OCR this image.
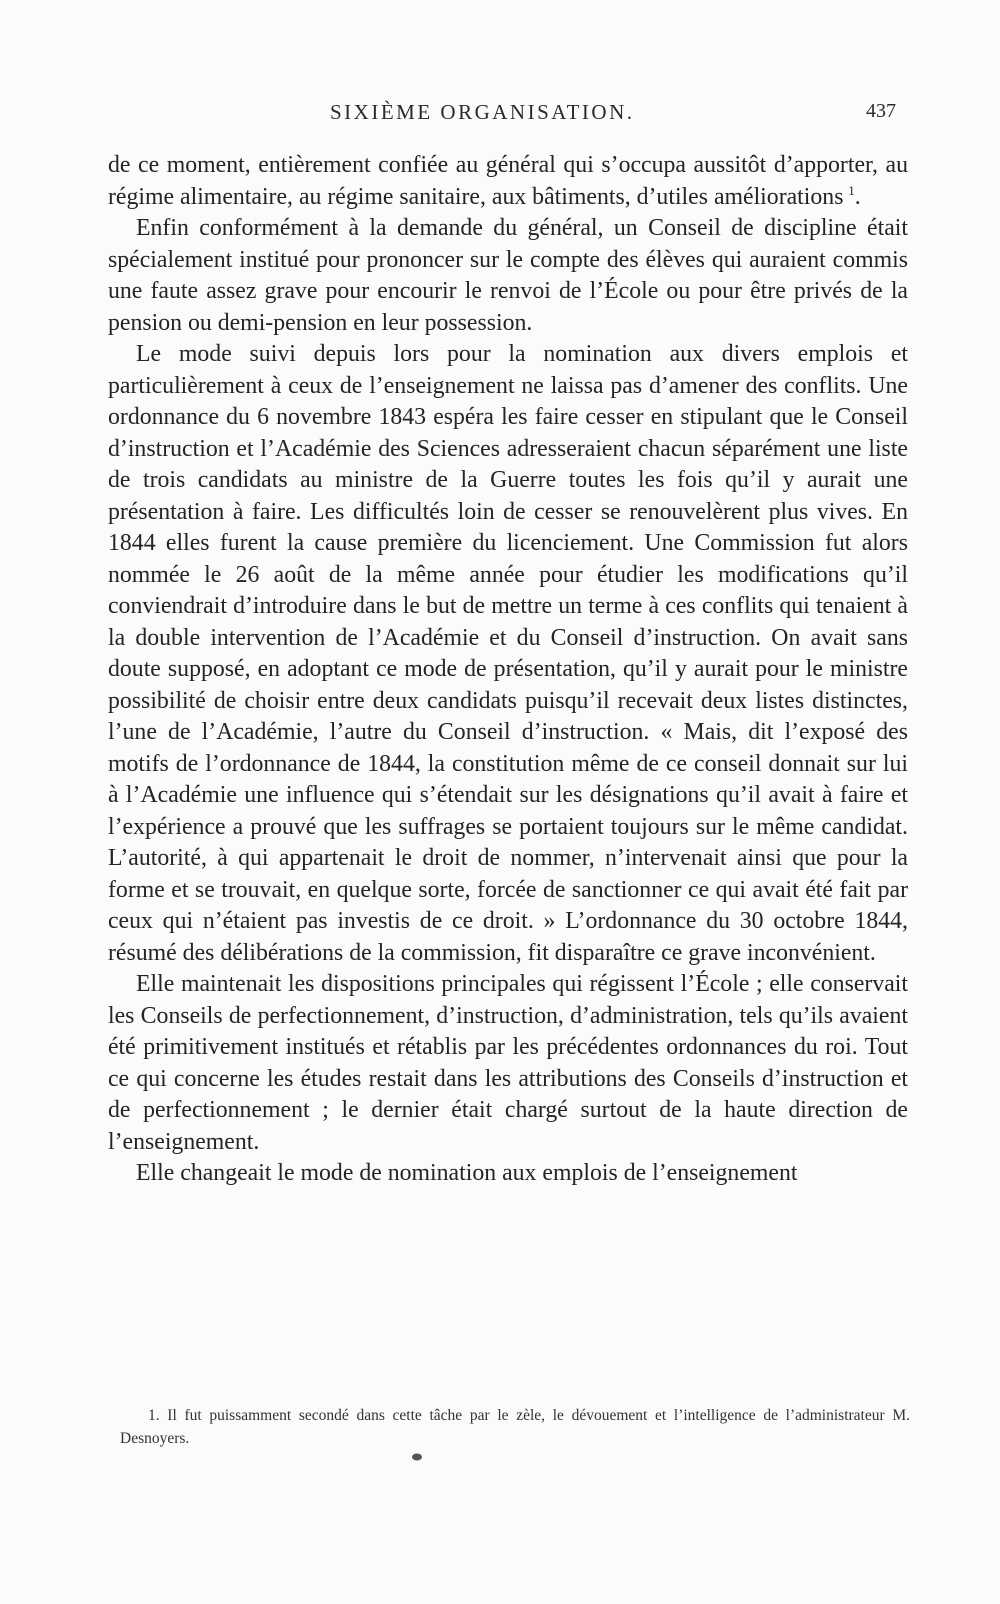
SIXIÈME ORGANISATION.	437

de ce moment, entièrement confiée au général qui s’occupa aussitôt d’apporter, au régime alimentaire, au régime sanitaire, aux bâtiments, d’utiles améliorations  $^1$.

Enfin conformément à la demande du général, un Conseil de discipline était spécialement institué pour prononcer sur le compte des élèves qui auraient commis une faute assez grave pour encourir le renvoi de l’École ou pour être privés de la pension ou demi-pension en leur possession.

Le mode suivi depuis lors pour la nomination aux divers emplois et particulièrement à ceux de l’enseignement ne laissa pas d’amener des conflits. Une ordonnance du 6 novembre 1843 espéra les faire cesser en stipulant que le Conseil d’instruction et l’Académie des Sciences adresseraient chacun séparément une liste de trois candidats au ministre de la Guerre toutes les fois qu’il y aurait une présentation à faire. Les difficultés loin de cesser se renouvelèrent plus vives. En 1844 elles furent la cause première du licenciement. Une Commission fut alors nommée le 26 août de la même année pour étudier les modifications qu’il conviendrait d’introduire dans le but de mettre un terme à ces conflits qui tenaient à la double intervention de l’Académie et du Conseil d’instruction. On avait sans doute supposé, en adoptant ce mode de présentation, qu’il y aurait pour le ministre possibilité de choisir entre deux candidats puisqu’il recevait deux listes distinctes, l’une de l’Académie, l’autre du Conseil d’instruction. « Mais, dit l’exposé des motifs de l’ordonnance de 1844, la constitution même de ce conseil donnait sur lui à l’Académie une influence qui s’étendait sur les désignations qu’il avait à faire et l’expérience a prouvé que les suffrages se portaient toujours sur le même candidat. L’autorité, à qui appartenait le droit de nommer, n’intervenait ainsi que pour la forme et se trouvait, en quelque sorte, forcée de sanctionner ce qui avait été fait par ceux qui n’étaient pas investis de ce droit. » L’ordonnance du 30 octobre 1844, résumé des délibérations de la commission, fit disparaître ce grave inconvénient.

Elle maintenait les dispositions principales qui régissent l’École ; elle conservait les Conseils de perfectionnement, d’instruction, d’administration, tels qu’ils avaient été primitivement institués et rétablis par les précédentes ordonnances du roi. Tout ce qui concerne les études restait dans les attributions des Conseils d’instruction et de perfectionnement ; le dernier était chargé surtout de la haute direction de l’enseignement.

Elle changeait le mode de nomination aux emplois de l’enseignement

1. Il fut puissamment secondé dans cette tâche par le zèle, le dévouement et l’intelligence de l’administrateur M. Desnoyers.
